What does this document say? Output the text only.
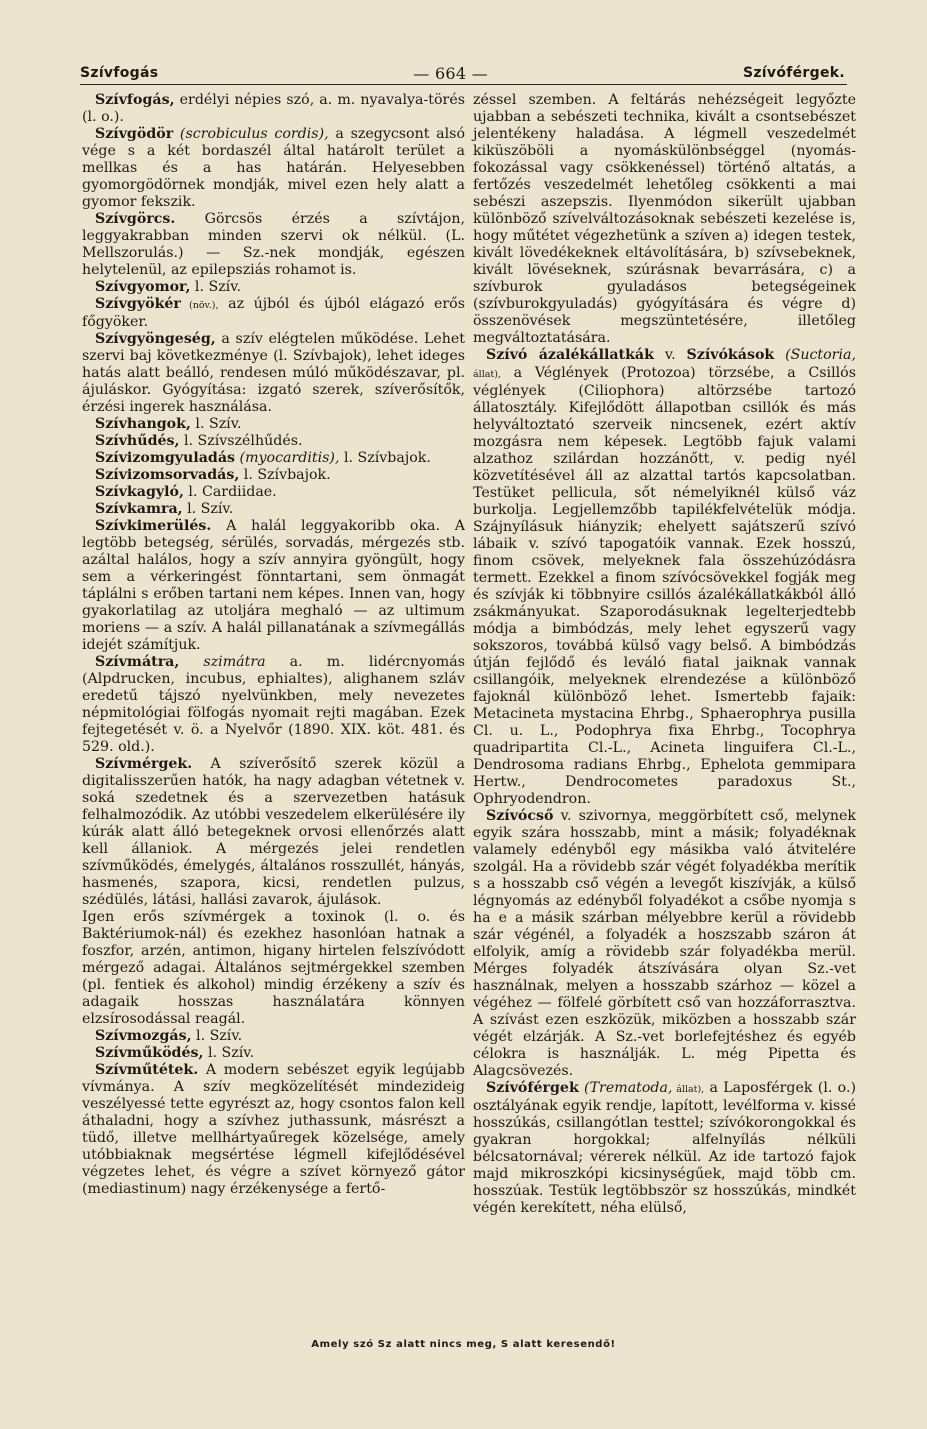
Szívfogás	— 664 —	Szívóférgek.

Szívfogás, erdélyi népies szó, a. m. nyavalya-törés (l. o.).

Szívgödör (scrobiculus cordis), a szegycsont alsó vége s a két bordaszél által határolt terület a mellkas és a has határán. Helyesebben gyomorgödörnek mondják, mivel ezen hely alatt a gyomor fekszik.

Szívgörcs. Görcsös érzés a szívtájon, leggyakrabban minden szervi ok nélkül. (L. Mellszorulás.) — Sz.-nek mondják, egészen helytelenül, az epilepsziás rohamot is.

Szívgyomor, l. Szív.

Szívgyökér (növ.), az újból és újból elágazó erős főgyöker.

Szívgyöngeség, a szív elégtelen működése. Lehet szervi baj következménye (l. Szívbajok), lehet ideges hatás alatt beálló, rendesen múló működészavar, pl. ájuláskor. Gyógyítása: izgató szerek, szíverősítők, érzési ingerek használása.

Szívhangok, l. Szív.

Szívhűdés, l. Szívszélhűdés.

Szívizomgyuladás (myocarditis), l. Szívbajok.

Szívizomsorvadás, l. Szívbajok.

Szívkagyló, l. Cardiidae.

Szívkamra, l. Szív.

Szívkimerülés. A halál leggyakoribb oka. A legtöbb betegség, sérülés, sorvadás, mérgezés stb. azáltal halálos, hogy a szív annyira gyöngült, hogy sem a vérkeringést fönntartani, sem önmagát táplálni s erőben tartani nem képes. Innen van, hogy gyakorlatilag az utoljára meghaló — az ultimum moriens — a szív. A halál pillanatának a szívmegállás idejét számítjuk.

Szívmátra, szimátra a. m. lidércnyomás (Alpdrucken, incubus, ephialtes), alighanem szláv eredetű tájszó nyelvünkben, mely nevezetes népmitológiai fölfogás nyomait rejti magában. Ezek fejtegetését v. ö. a Nyelvőr (1890. XIX. köt. 481. és 529. old.).

Szívmérgek. A szíverősítő szerek közül a digitalisszerűen hatók, ha nagy adagban vétetnek v. soká szedetnek és a szervezetben hatásuk felhalmozódik. Az utóbbi veszedelem elkerülésére ily kúrák alatt álló betegeknek orvosi ellenőrzés alatt kell állaniok. A mérgezés jelei rendetlen szívműködés, émelygés, általános rosszullét, hányás, hasmenés, szapora, kicsi, rendetlen pulzus, szédülés, látási, hallási zavarok, ájulások.

Igen erős szívmérgek a toxinok (l. o. és Baktériumok-nál) és ezekhez hasonlóan hatnak a foszfor, arzén, antimon, higany hirtelen felszívódott mérgező adagai. Általános sejtmérgekkel szemben (pl. fentiek és alkohol) mindig érzékeny a szív és adagaik hosszas használatára könnyen elzsírosodással reagál.

Szívmozgás, l. Szív.

Szívműködés, l. Szív.

Szívműtétek. A modern sebészet egyik legújabb vívmánya. A szív megközelítését mindezideig veszélyessé tette egyrészt az, hogy csontos falon kell áthaladni, hogy a szívhez juthassunk, másrészt a tüdő, illetve mellhártyaűregek közelsége, amely utóbbiaknak megsértése légmell kifejlődésével végzetes lehet, és végre a szívet környező gátor (mediastinum) nagy érzékenysége a fertő-

zéssel szemben. A feltárás nehézségeit legyőzte ujabban a sebészeti technika, kivált a csontsebészet jelentékeny haladása. A légmell veszedelmét kiküszöböli a nyomáskülönbséggel (nyomás-fokozással vagy csökkenéssel) történő altatás, a fertőzés veszedelmét lehetőleg csökkenti a mai sebészi aszepszis. Ilyenmódon sikerült ujabban különböző szívelváltozásoknak sebészeti kezelése is, hogy műtétet végezhetünk a szíven a) idegen testek, kivált lövedékeknek eltávolítására, b) szívsebeknek, kivált lövéseknek, szúrásnak bevarrására, c) a szívburok gyuladásos betegségeinek (szívburokgyuladás) gyógyítására és végre d) összenövések megszüntetésére, illetőleg megváltoztatására.

Szívó ázalékállatkák v. Szívókások (Suctoria, állat), a Véglények (Protozoa) törzsébe, a Csillós véglények (Ciliophora) altörzsébe tartozó állatosztály. Kifejlődött állapotban csillók és más helyváltoztató szerveik nincsenek, ezért aktív mozgásra nem képesek. Legtöbb fajuk valami alzathoz szilárdan hozzánőtt, v. pedig nyél közvetítésével áll az alzattal tartós kapcsolatban. Testüket pellicula, sőt némelyiknél külső váz burkolja. Legjellemzőbb tapilékfelvételük módja. Szájnyílásuk hiányzik; ehelyett sajátszerű szívó lábaik v. szívó tapogatóik vannak. Ezek hosszú, finom csövek, melyeknek fala összehúzódásra termett. Ezekkel a finom szívócsövekkel fogják meg és szívják ki többnyire csillós ázalékállatkákból álló zsákmányukat. Szaporodásuknak legelterjedtebb módja a bimbódzás, mely lehet egyszerű vagy sokszoros, továbbá külső vagy belső. A bimbódzás útján fejlődő és leváló fiatal jaiknak vannak csillangóik, melyeknek elrendezése a különböző fajoknál különböző lehet. Ismertebb fajaik: Metacineta mystacina Ehrbg., Sphaerophrya pusilla Cl. u. L., Podophrya fixa Ehrbg., Tocophrya quadripartita Cl.-L., Acineta linguifera Cl.-L., Dendrosoma radians Ehrbg., Ephelota gemmipara Hertw., Dendrocometes paradoxus St., Ophryodendron.

Szívócső v. szivornya, meggörbített cső, melynek egyik szára hosszabb, mint a másik; folyadéknak valamely edényből egy másikba való átvitelére szolgál. Ha a rövidebb szár végét folyadékba merítik s a hosszabb cső végén a levegőt kiszívják, a külső légnyomás az edényből folyadékot a csőbe nyomja s ha e a másik szárban mélyebbre kerül a rövidebb szár végénél, a folyadék a hoszszabb száron át elfolyik, amíg a rövidebb szár folyadékba merül. Mérges folyadék átszívására olyan Sz.-vet használnak, melyen a hosszabb szárhoz — közel a végéhez — fölfelé görbített cső van hozzáforrasztva. A szívást ezen eszközük, miközben a hosszabb szár végét elzárják. A Sz.-vet borlefejtéshez és egyéb célokra is használják. L. még Pipetta és Alagcsövezés.

Szívóférgek (Trematoda, állat), a Laposférgek (l. o.) osztályának egyik rendje, lapított, levélforma v. kissé hosszúkás, csillangótlan testtel; szívókorongokkal és gyakran horgokkal; alfelnyílás nélküli bélcsatornával; vérerek nélkül. Az ide tartozó fajok majd mikroszkópi kicsinységűek, majd több cm. hosszúak. Testük legtöbbször sz hosszúkás, mindkét végén kerekített, néha elülső,

Amely szó Sz alatt nincs meg, S alatt keresendő!
